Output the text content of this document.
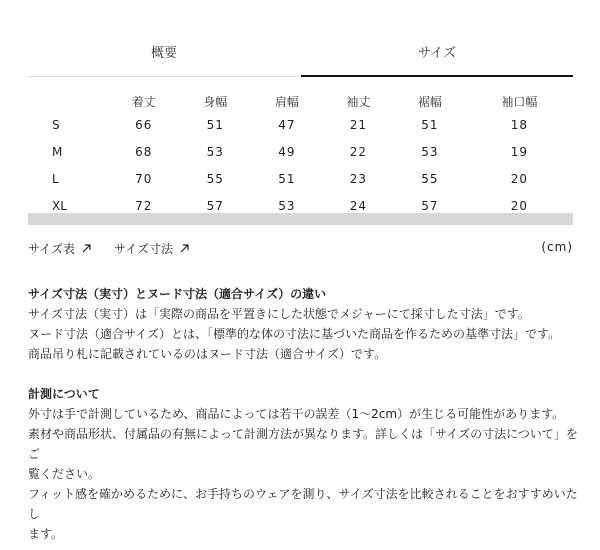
概要	サイズ
	着丈	身幅	肩幅	袖丈	裾幅	袖口幅
S	66	51	47	21	51	18

M	68	53	49	22	53	19

L	70	55	51	23	55	20

XL	72	57	53	24	57	20
サイズ表	サイズ寸法	(cm)

サイズ寸法（実寸）とヌード寸法（適合サイズ）の違い

サイズ寸法（実寸）は「実際の商品を平置きにした状態でメジャーにて採寸した寸法」です。

ヌード寸法（適合サイズ）とは、「標準的な体の寸法に基づいた商品を作るための基準寸法」です。

商品吊り札に記載されているのはヌード寸法（適合サイズ）です。

計測について

外寸は手で計測しているため、商品によっては若干の誤差（1〜2cm）が生じる可能性があります。

素材や商品形状、付属品の有無によって計測方法が異なります。詳しくは「サイズの寸法について」をご

覧ください。

フィット感を確かめるために、お手持ちのウェアを測り、サイズ寸法を比較されることをおすすめいたし

ます。
